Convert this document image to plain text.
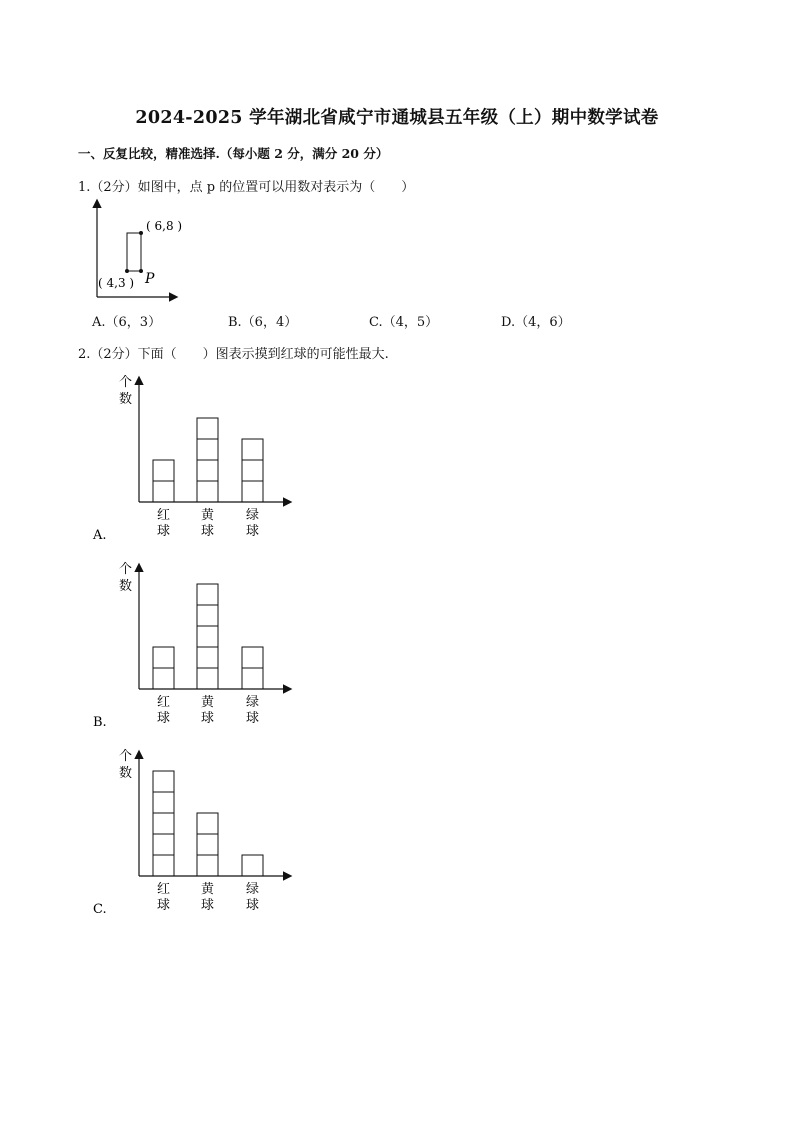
2024-2025 学年湖北省咸宁市通城县五年级（上）期中数学试卷
一、反复比较，精准选择.（每小题 2 分，满分 20 分）
1.（2分）如图中，点 p 的位置可以用数对表示为（　　）
( 6,8 )
( 4,3 ) P
A.（6，3）	B.（6，4）	C.（4，5）	D.（4，6）
2.（2分）下面（　　）图表示摸到红球的可能性最大.
个
数
红
球
黄
球
绿
球
A.
个
数
红
球
黄
球
绿
球
B.
个
数
红
球
黄
球
绿
球
C.
